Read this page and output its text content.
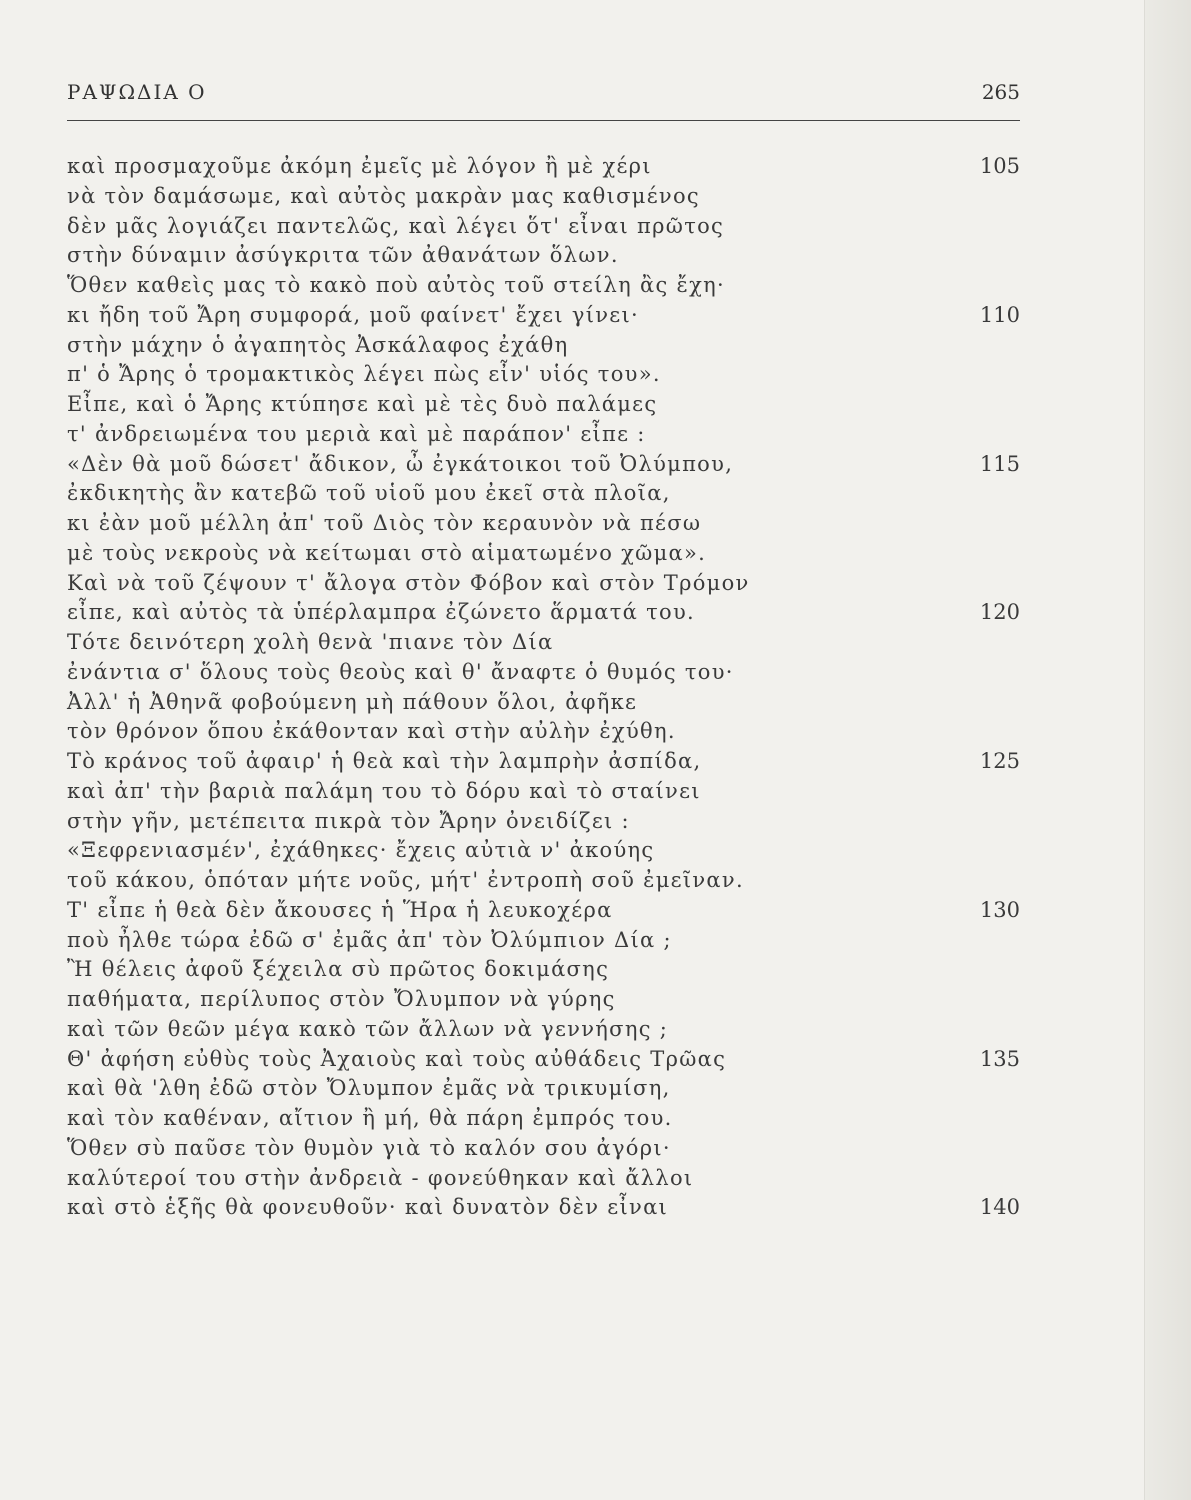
ΡΑΨΩΔΙΑ Ο	265
καὶ προσμαχοῦμε ἀκόμη ἐμεῖς μὲ λόγον ἢ μὲ χέρι	105
νὰ τὸν δαμάσωμε, καὶ αὐτὸς μακρὰν μας καθισμένος
δὲν μᾶς λογιάζει παντελῶς, καὶ λέγει ὅτ' εἶναι πρῶτος
στὴν δύναμιν ἀσύγκριτα τῶν ἀθανάτων ὅλων.
Ὅθεν καθεὶς μας τὸ κακὸ ποὺ αὐτὸς τοῦ στείλη ἂς ἔχη·
κι ἤδη τοῦ Ἄρη συμφορά, μοῦ φαίνετ' ἔχει γίνει·	110
στὴν μάχην ὁ ἀγαπητὸς Ἀσκάλαφος ἐχάθη
π' ὁ Ἄρης ὁ τρομακτικὸς λέγει πὼς εἶν' υἱός του».
Εἶπε, καὶ ὁ Ἄρης κτύπησε καὶ μὲ τὲς δυὸ παλάμες
τ' ἀνδρειωμένα του μεριὰ καὶ μὲ παράπον' εἶπε :
«Δὲν θὰ μοῦ δώσετ' ἄδικον, ὦ ἐγκάτοικοι τοῦ Ὀλύμπου,	115
ἐκδικητὴς ἂν κατεβῶ τοῦ υἱοῦ μου ἐκεῖ στὰ πλοῖα,
κι ἐὰν μοῦ μέλλη ἀπ' τοῦ Διὸς τὸν κεραυνὸν νὰ πέσω
μὲ τοὺς νεκροὺς νὰ κείτωμαι στὸ αἱματωμένο χῶμα».
Καὶ νὰ τοῦ ζέψουν τ' ἄλογα στὸν Φόβον καὶ στὸν Τρόμον
εἶπε, καὶ αὐτὸς τὰ ὑπέρλαμπρα ἐζώνετο ἅρματά του.	120
Τότε δεινότερη χολὴ θενὰ 'πιανε τὸν Δία
ἐνάντια σ' ὅλους τοὺς θεοὺς καὶ θ' ἄναφτε ὁ θυμός του·
Ἀλλ' ἡ Ἀθηνᾶ φοβούμενη μὴ πάθουν ὅλοι, ἀφῆκε
τὸν θρόνον ὅπου ἐκάθονταν καὶ στὴν αὐλὴν ἐχύθη.
Τὸ κράνος τοῦ ἀφαιρ' ἡ θεὰ καὶ τὴν λαμπρὴν ἀσπίδα,	125
καὶ ἀπ' τὴν βαριὰ παλάμη του τὸ δόρυ καὶ τὸ σταίνει
στὴν γῆν, μετέπειτα πικρὰ τὸν Ἄρην ὀνειδίζει :
«Ξεφρενιασμέν', ἐχάθηκες· ἔχεις αὐτιὰ ν' ἀκούης
τοῦ κάκου, ὁπόταν μήτε νοῦς, μήτ' ἐντροπὴ σοῦ ἐμεῖναν.
Τ' εἶπε ἡ θεὰ δὲν ἄκουσες ἡ Ἥρα ἡ λευκοχέρα	130
ποὺ ἦλθε τώρα ἐδῶ σ' ἐμᾶς ἀπ' τὸν Ὀλύμπιον Δία ;
Ἢ θέλεις ἀφοῦ ξέχειλα σὺ πρῶτος δοκιμάσης
παθήματα, περίλυπος στὸν Ὄλυμπον νὰ γύρης
καὶ τῶν θεῶν μέγα κακὸ τῶν ἄλλων νὰ γεννήσης ;
Θ' ἀφήση εὐθὺς τοὺς Ἀχαιοὺς καὶ τοὺς αὐθάδεις Τρῶας	135
καὶ θὰ 'λθη ἐδῶ στὸν Ὄλυμπον ἐμᾶς νὰ τρικυμίση,
καὶ τὸν καθέναν, αἴτιον ἢ μή, θὰ πάρη ἐμπρός του.
Ὅθεν σὺ παῦσε τὸν θυμὸν γιὰ τὸ καλόν σου ἀγόρι·
καλύτεροί του στὴν ἀνδρειὰ - φονεύθηκαν καὶ ἄλλοι
καὶ στὸ ἑξῆς θὰ φονευθοῦν· καὶ δυνατὸν δὲν εἶναι	140
